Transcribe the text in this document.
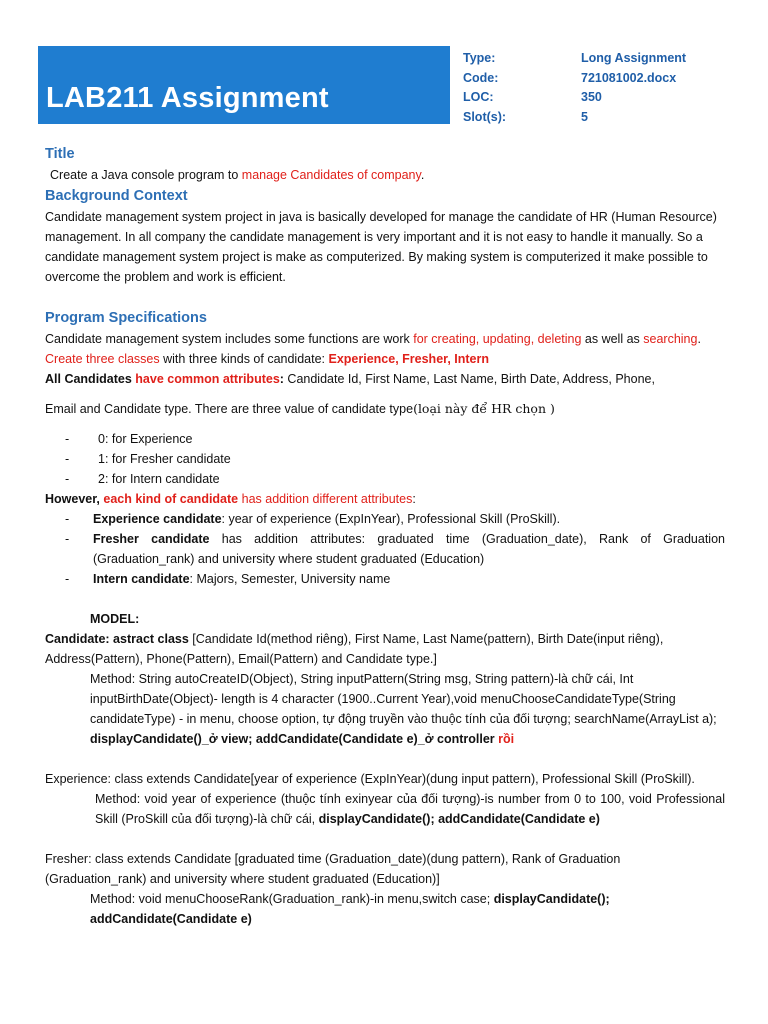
LAB211 Assignment
Type:
Code:
LOC:
Slot(s):
Long Assignment
721081002.docx
350
5
Title

Create a Java console program to manage Candidates of company.

Background Context

Candidate management system project in java is basically developed for manage the candidate of HR (Human Resource) management. In all company the candidate management is very important and it is not easy to handle it manually. So a candidate management system project is make as computerized. By making system is computerized it make possible to overcome the problem and work is efficient.

Program Specifications

Candidate management system includes some functions are work for creating, updating, deleting as well as searching.

Create three classes with three kinds of candidate: Experience, Fresher, Intern

All Candidates have common attributes: Candidate Id, First Name, Last Name, Birth Date, Address, Phone,

Email and Candidate type. There are three value of candidate type(loại này để HR chọn )

- 0: for Experience
- 1: for Fresher candidate
- 2: for Intern candidate

However, each kind of candidate has addition different attributes:

- Experience candidate: year of experience (ExpInYear), Professional Skill (ProSkill).
- Fresher candidate has addition attributes: graduated time (Graduation_date), Rank of Graduation (Graduation_rank) and university where student graduated (Education)
- Intern candidate: Majors, Semester, University name

MODEL:

Candidate: astract class [Candidate Id(method riêng), First Name, Last Name(pattern), Birth Date(input riêng), Address(Pattern), Phone(Pattern), Email(Pattern) and Candidate type.]

Method: String autoCreateID(Object), String inputPattern(String msg, String pattern)-là chữ cái, Int inputBirthDate(Object)- length is 4 character (1900..Current Year),void menuChooseCandidateType(String candidateType) - in menu, choose option, tự động truyền vào thuộc tính của đối tượng; searchName(ArrayList a); displayCandidate()_ở view; addCandidate(Candidate e)_ở controller rồi

Experience: class extends Candidate[year of experience (ExpInYear)(dung input pattern), Professional Skill (ProSkill).

Method: void year of experience (thuộc tính exinyear của đối tượng)-is number from 0 to 100, void Professional Skill (ProSkill của đối tượng)-là chữ cái, displayCandidate(); addCandidate(Candidate e)

Fresher: class extends Candidate [graduated time (Graduation_date)(dung pattern), Rank of Graduation (Graduation_rank) and university where student graduated (Education)]

Method: void menuChooseRank(Graduation_rank)-in menu,switch case; displayCandidate(); addCandidate(Candidate e)
